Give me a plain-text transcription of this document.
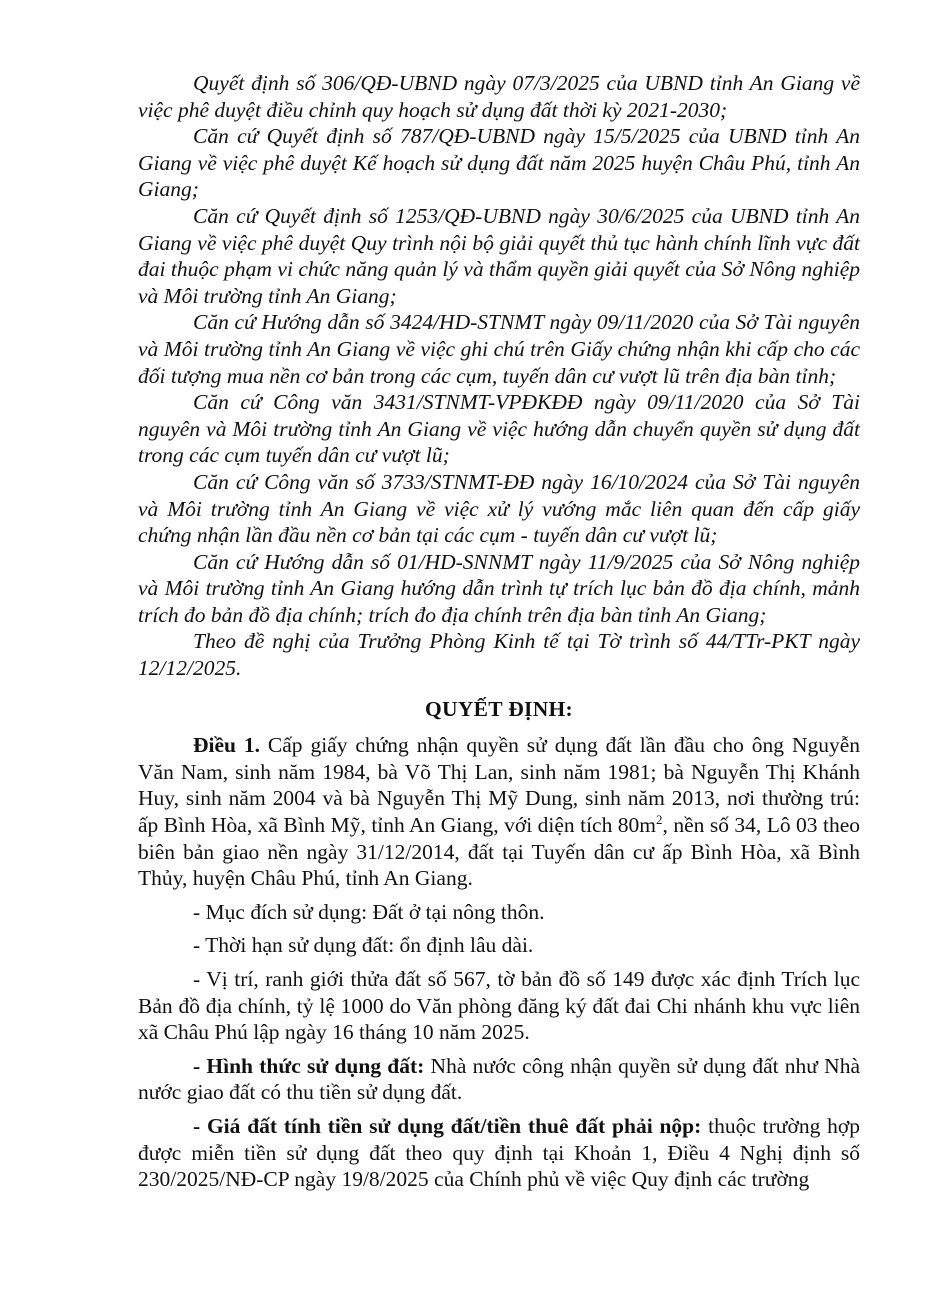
Quyết định số 306/QĐ-UBND ngày 07/3/2025 của UBND tỉnh An Giang về việc phê duyệt điều chỉnh quy hoạch sử dụng đất thời kỳ 2021-2030;

Căn cứ Quyết định số 787/QĐ-UBND ngày 15/5/2025 của UBND tỉnh An Giang về việc phê duyệt Kế hoạch sử dụng đất năm 2025 huyện Châu Phú, tỉnh An Giang;

Căn cứ Quyết định số 1253/QĐ-UBND ngày 30/6/2025 của UBND tỉnh An Giang về việc phê duyệt Quy trình nội bộ giải quyết thủ tục hành chính lĩnh vực đất đai thuộc phạm vi chức năng quản lý và thẩm quyền giải quyết của Sở Nông nghiệp và Môi trường tỉnh An Giang;

Căn cứ Hướng dẫn số 3424/HD-STNMT ngày 09/11/2020 của Sở Tài nguyên và Môi trường tỉnh An Giang về việc ghi chú trên Giấy chứng nhận khi cấp cho các đối tượng mua nền cơ bản trong các cụm, tuyến dân cư vượt lũ trên địa bàn tỉnh;

Căn cứ Công văn 3431/STNMT-VPĐKĐĐ ngày 09/11/2020 của Sở Tài nguyên và Môi trường tỉnh An Giang về việc hướng dẫn chuyển quyền sử dụng đất trong các cụm tuyến dân cư vượt lũ;

Căn cứ Công văn số 3733/STNMT-ĐĐ ngày 16/10/2024 của Sở Tài nguyên và Môi trường tỉnh An Giang về việc xử lý vướng mắc liên quan đến cấp giấy chứng nhận lần đầu nền cơ bản tại các cụm - tuyến dân cư vượt lũ;

Căn cứ Hướng dẫn số 01/HD-SNNMT ngày 11/9/2025 của Sở Nông nghiệp và Môi trường tỉnh An Giang hướng dẫn trình tự trích lục bản đồ địa chính, mảnh trích đo bản đồ địa chính; trích đo địa chính trên địa bàn tỉnh An Giang;

Theo đề nghị của Trưởng Phòng Kinh tế tại Tờ trình số 44/TTr-PKT ngày 12/12/2025.

QUYẾT ĐỊNH:

Điều 1. Cấp giấy chứng nhận quyền sử dụng đất lần đầu cho ông Nguyễn Văn Nam, sinh năm 1984, bà Võ Thị Lan, sinh năm 1981; bà Nguyễn Thị Khánh Huy, sinh năm 2004 và bà Nguyễn Thị Mỹ Dung, sinh năm 2013, nơi thường trú: ấp Bình Hòa, xã Bình Mỹ, tỉnh An Giang, với diện tích $80m^2$, nền số 34, Lô 03 theo biên bản giao nền ngày 31/12/2014, đất tại Tuyến dân cư ấp Bình Hòa, xã Bình Thủy, huyện Châu Phú, tỉnh An Giang.

- Mục đích sử dụng: Đất ở tại nông thôn.

- Thời hạn sử dụng đất: ổn định lâu dài.

- Vị trí, ranh giới thửa đất số 567, tờ bản đồ số 149 được xác định Trích lục Bản đồ địa chính, tỷ lệ 1000 do Văn phòng đăng ký đất đai Chi nhánh khu vực liên xã Châu Phú lập ngày 16 tháng 10 năm 2025.

- Hình thức sử dụng đất: Nhà nước công nhận quyền sử dụng đất như Nhà nước giao đất có thu tiền sử dụng đất.

- Giá đất tính tiền sử dụng đất/tiền thuê đất phải nộp: thuộc trường hợp được miễn tiền sử dụng đất theo quy định tại Khoản 1, Điều 4 Nghị định số 230/2025/NĐ-CP ngày 19/8/2025 của Chính phủ về việc Quy định các trường
